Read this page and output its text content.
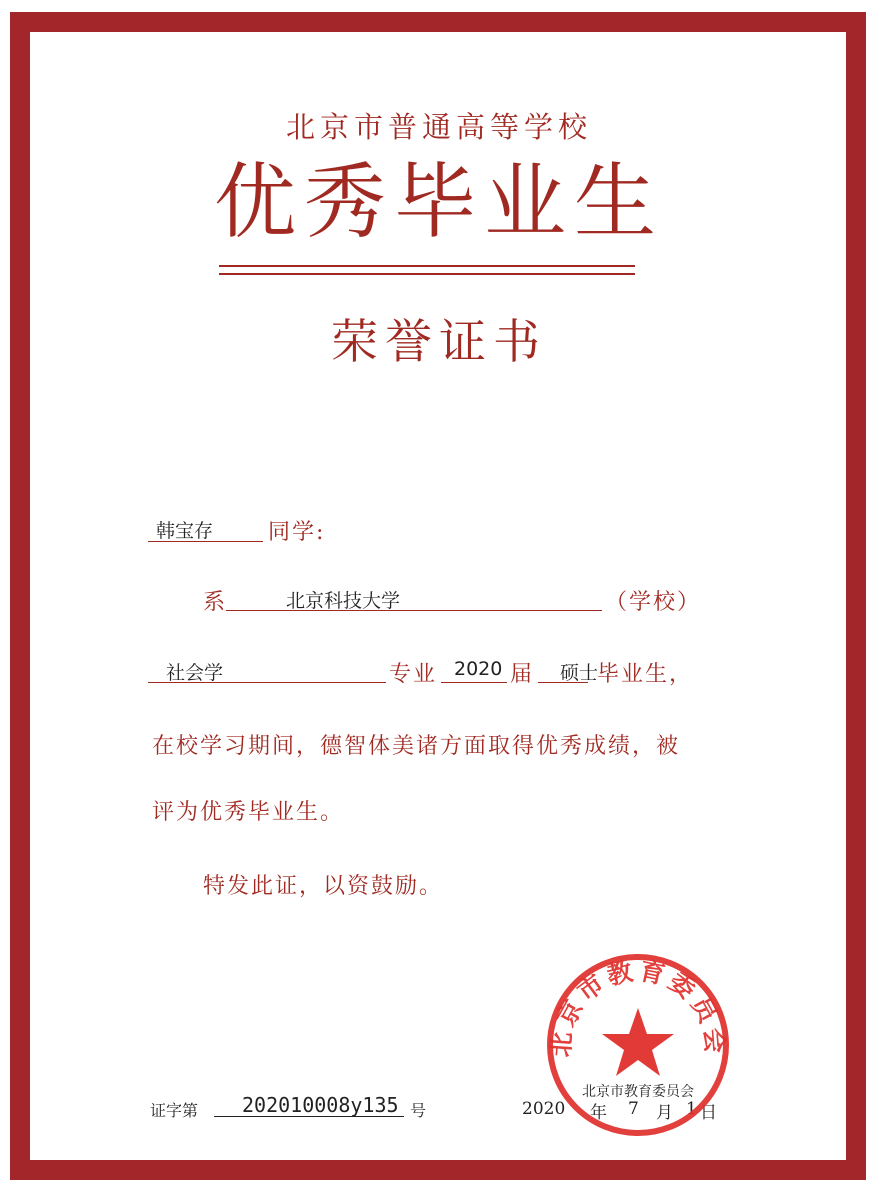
北京市普通高等学校
优秀毕业生
荣誉证书
韩宝存 同学:
系	北京科技大学	（学校）
社会学	专业 2020 届 硕士
毕业生，
在校学习期间，德智体美诸方面取得优秀成绩，被
评为优秀毕业生。
特发此证，以资鼓励。
证字第 202010008y135 号	2020 年 7 月 1 日
北京市教育委员会
北京市教育委员会
